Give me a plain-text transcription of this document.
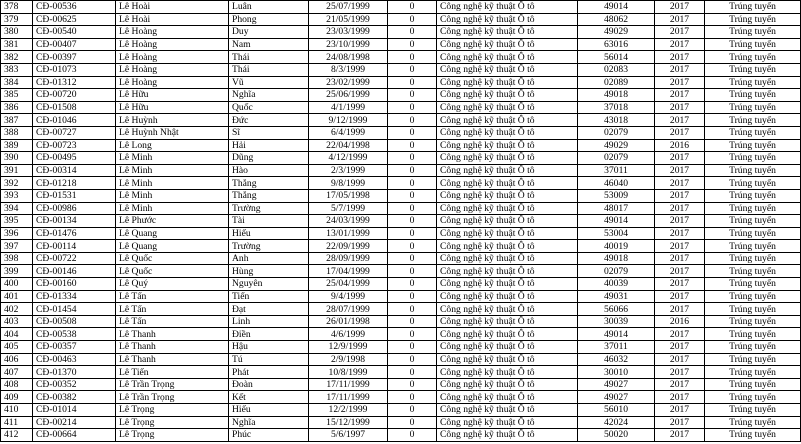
378	CĐ-00536	Lê Hoài	Luân	25/07/1999	0	Công nghệ kỹ thuật Ô tô	49014	2017	Trúng tuyển
379	CĐ-00625	Lê Hoài	Phong	21/05/1999	0	Công nghệ kỹ thuật Ô tô	48062	2017	Trúng tuyển
380	CĐ-00540	Lê Hoàng	Duy	23/03/1999	0	Công nghệ kỹ thuật Ô tô	49029	2017	Trúng tuyển
381	CĐ-00407	Lê Hoàng	Nam	23/10/1999	0	Công nghệ kỹ thuật Ô tô	63016	2017	Trúng tuyển
382	CĐ-00397	Lê Hoàng	Thái	24/08/1998	0	Công nghệ kỹ thuật Ô tô	56014	2017	Trúng tuyển
383	CĐ-01073	Lê Hoàng	Thái	8/3/1999	0	Công nghệ kỹ thuật Ô tô	02083	2017	Trúng tuyển
384	CĐ-01312	Lê Hoàng	Vũ	23/02/1999	0	Công nghệ kỹ thuật Ô tô	02089	2017	Trúng tuyển
385	CĐ-00720	Lê Hữu	Nghĩa	25/06/1999	0	Công nghệ kỹ thuật Ô tô	49018	2017	Trúng tuyển
386	CĐ-01508	Lê Hữu	Quốc	4/1/1999	0	Công nghệ kỹ thuật Ô tô	37018	2017	Trúng tuyển
387	CĐ-01046	Lê Huỳnh	Đức	9/12/1999	0	Công nghệ kỹ thuật Ô tô	43018	2017	Trúng tuyển
388	CĐ-00727	Lê Huỳnh Nhật	Sĩ	6/4/1999	0	Công nghệ kỹ thuật Ô tô	02079	2017	Trúng tuyển
389	CĐ-00723	Lê Long	Hải	22/04/1998	0	Công nghệ kỹ thuật Ô tô	49029	2016	Trúng tuyển
390	CĐ-00495	Lê Minh	Dũng	4/12/1999	0	Công nghệ kỹ thuật Ô tô	02079	2017	Trúng tuyển
391	CĐ-00314	Lê Minh	Hào	2/3/1999	0	Công nghệ kỹ thuật Ô tô	37011	2017	Trúng tuyển
392	CĐ-01218	Lê Minh	Thắng	9/8/1999	0	Công nghệ kỹ thuật Ô tô	46040	2017	Trúng tuyển
393	CĐ-01531	Lê Minh	Thắng	17/05/1998	0	Công nghệ kỹ thuật Ô tô	53009	2017	Trúng tuyển
394	CĐ-00986	Lê Minh	Trường	5/7/1999	0	Công nghệ kỹ thuật Ô tô	48017	2017	Trúng tuyển
395	CĐ-00134	Lê Phước	Tài	24/03/1999	0	Công nghệ kỹ thuật Ô tô	49014	2017	Trúng tuyển
396	CĐ-01476	Lê Quang	Hiếu	13/01/1999	0	Công nghệ kỹ thuật Ô tô	53004	2017	Trúng tuyển
397	CĐ-00114	Lê Quang	Trường	22/09/1999	0	Công nghệ kỹ thuật Ô tô	40019	2017	Trúng tuyển
398	CĐ-00722	Lê Quốc	Anh	28/09/1999	0	Công nghệ kỹ thuật Ô tô	49018	2017	Trúng tuyển
399	CĐ-00146	Lê Quốc	Hùng	17/04/1999	0	Công nghệ kỹ thuật Ô tô	02079	2017	Trúng tuyển
400	CĐ-00160	Lê Quý	Nguyên	25/04/1999	0	Công nghệ kỹ thuật Ô tô	40039	2017	Trúng tuyển
401	CĐ-01334	Lê Tấn	Tiến	9/4/1999	0	Công nghệ kỹ thuật Ô tô	49031	2017	Trúng tuyển
402	CĐ-01454	Lê Tấn	Đạt	28/07/1999	0	Công nghệ kỹ thuật Ô tô	56066	2017	Trúng tuyển
403	CĐ-00508	Lê Tấn	Linh	26/01/1998	0	Công nghệ kỹ thuật Ô tô	30039	2016	Trúng tuyển
404	CĐ-00538	Lê Thanh	Điền	4/6/1999	0	Công nghệ kỹ thuật Ô tô	49014	2017	Trúng tuyển
405	CĐ-00357	Lê Thanh	Hậu	12/9/1999	0	Công nghệ kỹ thuật Ô tô	37011	2017	Trúng tuyển
406	CĐ-00463	Lê Thanh	Tú	2/9/1998	0	Công nghệ kỹ thuật Ô tô	46032	2017	Trúng tuyển
407	CĐ-01370	Lê Tiến	Phát	10/8/1999	0	Công nghệ kỹ thuật Ô tô	30010	2017	Trúng tuyển
408	CĐ-00352	Lê Trần Trọng	Đoàn	17/11/1999	0	Công nghệ kỹ thuật Ô tô	49027	2017	Trúng tuyển
409	CĐ-00382	Lê Trần Trọng	Kết	17/11/1999	0	Công nghệ kỹ thuật Ô tô	49027	2017	Trúng tuyển
410	CĐ-01014	Lê Trọng	Hiếu	12/2/1999	0	Công nghệ kỹ thuật Ô tô	56010	2017	Trúng tuyển
411	CĐ-00214	Lê Trọng	Nghĩa	15/12/1999	0	Công nghệ kỹ thuật Ô tô	42024	2017	Trúng tuyển
412	CĐ-00664	Lê Trọng	Phúc	5/6/1997	0	Công nghệ kỹ thuật Ô tô	50020	2017	Trúng tuyển
